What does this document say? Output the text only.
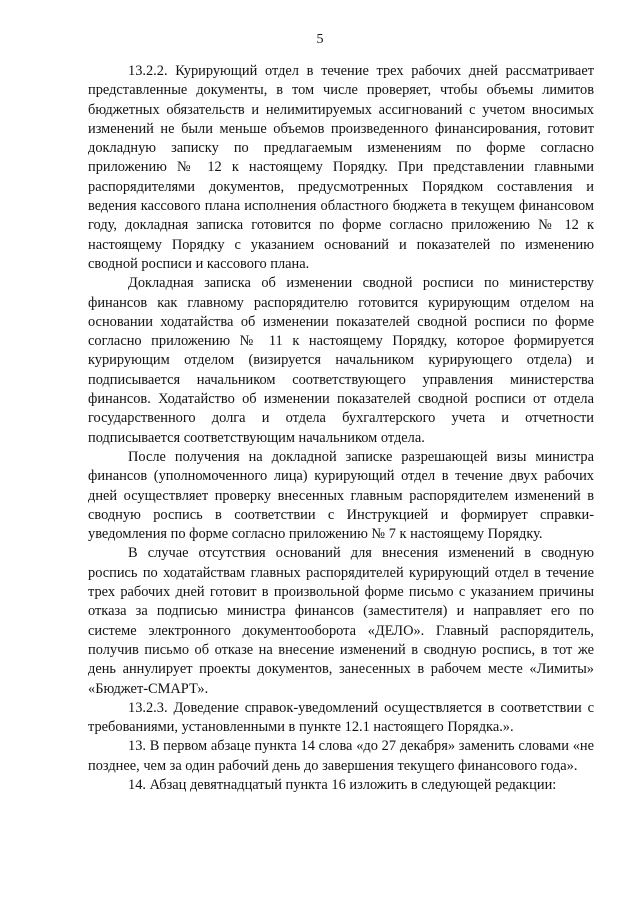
5

13.2.2. Курирующий отдел в течение трех рабочих дней рассматривает представленные документы, в том числе проверяет, чтобы объемы лимитов бюджетных обязательств и нелимитируемых ассигнований с учетом вносимых изменений не были меньше объемов произведенного финансирования, готовит докладную записку по предлагаемым изменениям по форме согласно приложению № 12 к настоящему Порядку. При представлении главными распорядителями документов, предусмотренных Порядком составления и ведения кассового плана исполнения областного бюджета в текущем финансовом году, докладная записка готовится по форме согласно приложению № 12 к настоящему Порядку с указанием оснований и показателей по изменению сводной росписи и кассового плана.

Докладная записка об изменении сводной росписи по министерству финансов как главному распорядителю готовится курирующим отделом на основании ходатайства об изменении показателей сводной росписи по форме согласно приложению № 11 к настоящему Порядку, которое формируется курирующим отделом (визируется начальником курирующего отдела) и подписывается начальником соответствующего управления министерства финансов. Ходатайство об изменении показателей сводной росписи от отдела государственного долга и отдела бухгалтерского учета и отчетности подписывается соответствующим начальником отдела.

После получения на докладной записке разрешающей визы министра финансов (уполномоченного лица) курирующий отдел в течение двух рабочих дней осуществляет проверку внесенных главным распорядителем изменений в сводную роспись в соответствии с Инструкцией и формирует справки-уведомления по форме согласно приложению № 7 к настоящему Порядку.

В случае отсутствия оснований для внесения изменений в сводную роспись по ходатайствам главных распорядителей курирующий отдел в течение трех рабочих дней готовит в произвольной форме письмо с указанием причины отказа за подписью министра финансов (заместителя) и направляет его по системе электронного документооборота «ДЕЛО». Главный распорядитель, получив письмо об отказе на внесение изменений в сводную роспись, в тот же день аннулирует проекты документов, занесенных в рабочем месте «Лимиты» «Бюджет-СМАРТ».

13.2.3. Доведение справок-уведомлений осуществляется в соответствии с требованиями, установленными в пункте 12.1 настоящего Порядка.».

13. В первом абзаце пункта 14 слова «до 27 декабря» заменить словами «не позднее, чем за один рабочий день до завершения текущего финансового года».

14. Абзац девятнадцатый пункта 16 изложить в следующей редакции:
